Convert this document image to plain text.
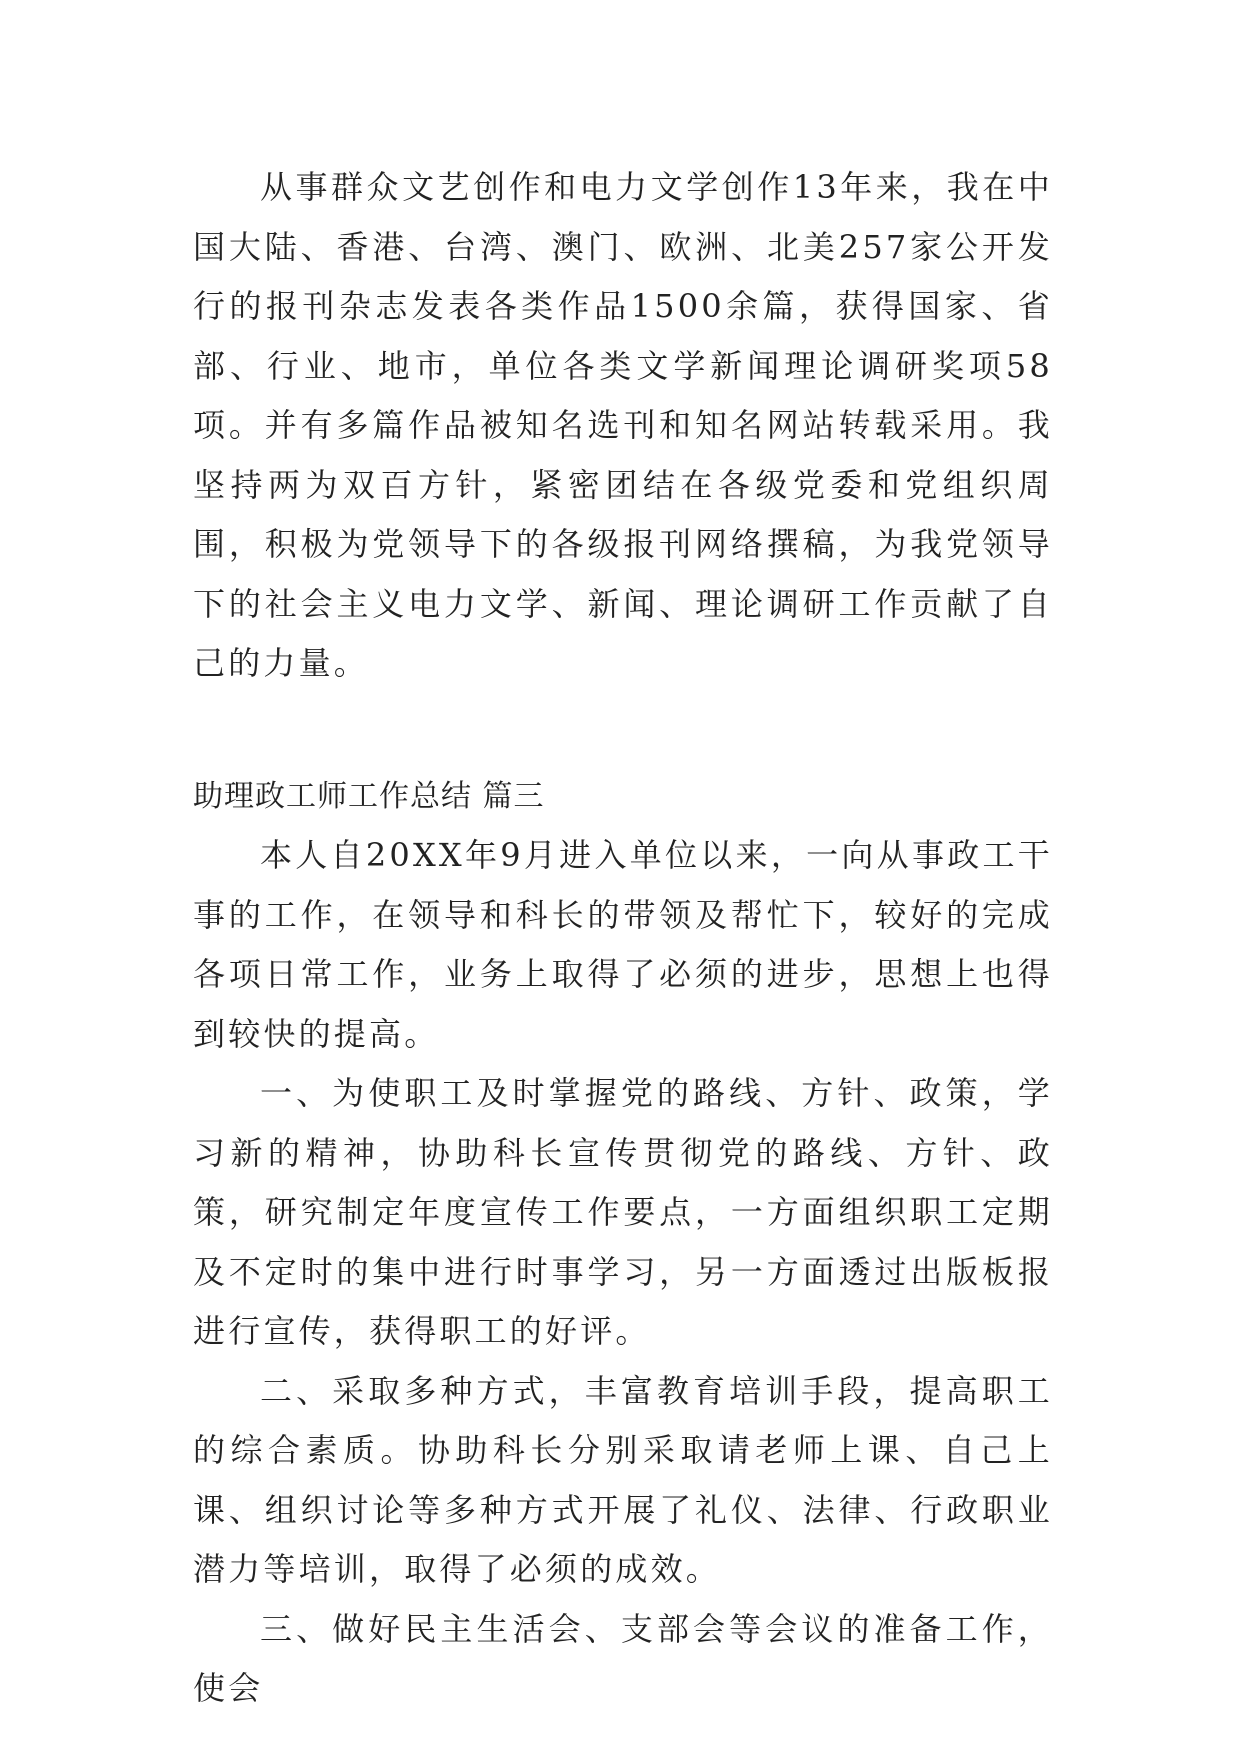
从事群众文艺创作和电力文学创作13年来，我在中国大陆、香港、台湾、澳门、欧洲、北美257家公开发行的报刊杂志发表各类作品1500余篇，获得国家、省部、行业、地市，单位各类文学新闻理论调研奖项58项。并有多篇作品被知名选刊和知名网站转载采用。我坚持两为双百方针，紧密团结在各级党委和党组织周围，积极为党领导下的各级报刊网络撰稿，为我党领导下的社会主义电力文学、新闻、理论调研工作贡献了自己的力量。

助理政工师工作总结 篇三

本人自20XX年9月进入单位以来，一向从事政工干事的工作，在领导和科长的带领及帮忙下，较好的完成各项日常工作，业务上取得了必须的进步，思想上也得到较快的提高。

一、为使职工及时掌握党的路线、方针、政策，学习新的精神，协助科长宣传贯彻党的路线、方针、政策，研究制定年度宣传工作要点，一方面组织职工定期及不定时的集中进行时事学习，另一方面透过出版板报进行宣传，获得职工的好评。

二、采取多种方式，丰富教育培训手段，提高职工的综合素质。协助科长分别采取请老师上课、自己上课、组织讨论等多种方式开展了礼仪、法律、行政职业潜力等培训，取得了必须的成效。

三、做好民主生活会、支部会等会议的准备工作，使会
